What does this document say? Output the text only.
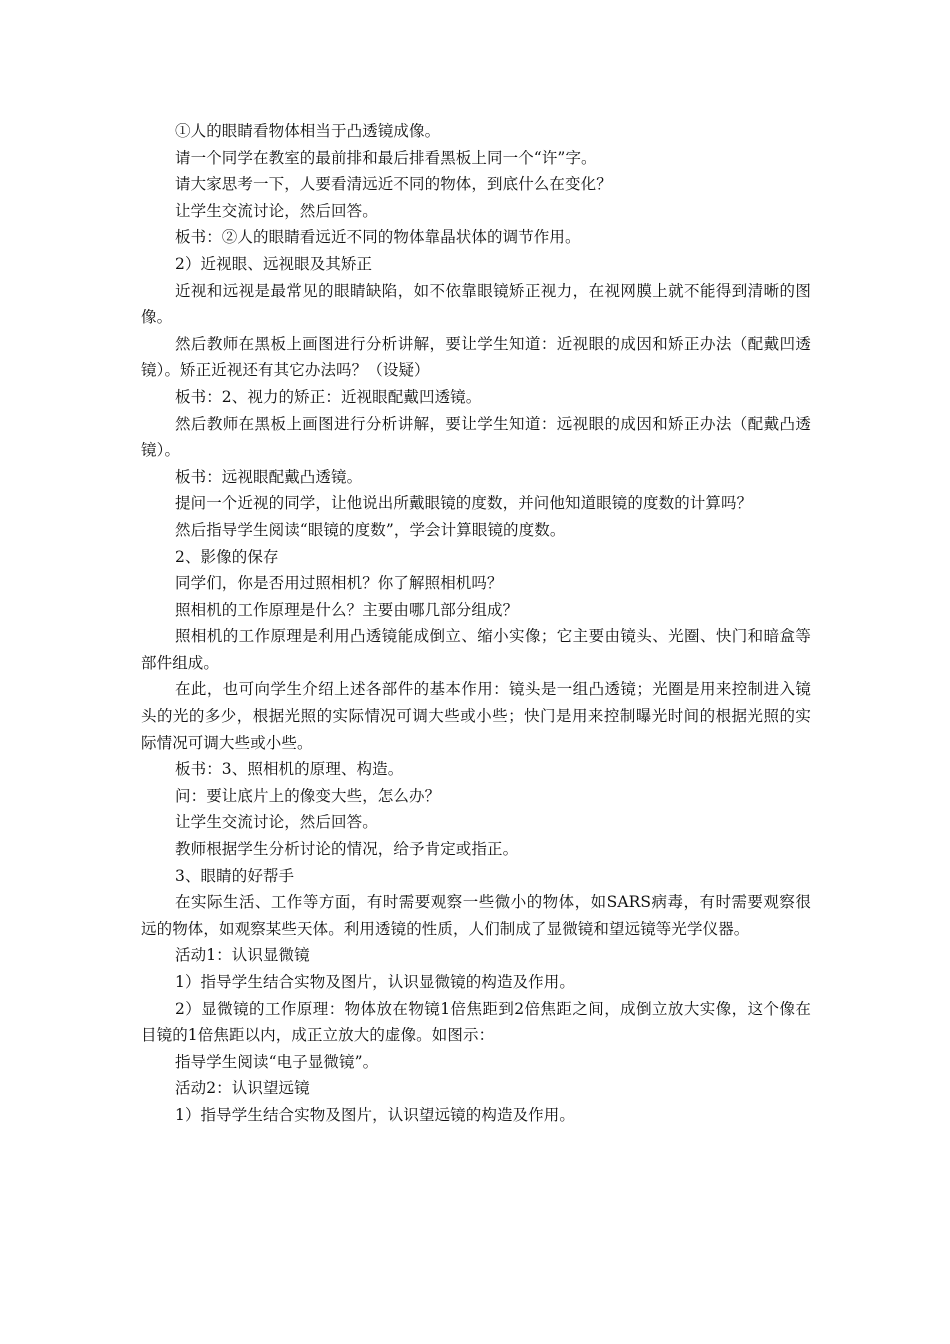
①人的眼睛看物体相当于凸透镜成像。

请一个同学在教室的最前排和最后排看黑板上同一个“许”字。

请大家思考一下，人要看清远近不同的物体，到底什么在变化？

让学生交流讨论，然后回答。

板书：②人的眼睛看远近不同的物体靠晶状体的调节作用。

2）近视眼、远视眼及其矫正

近视和远视是最常见的眼睛缺陷，如不依靠眼镜矫正视力，在视网膜上就不能得到清晰的图像。

然后教师在黑板上画图进行分析讲解，要让学生知道：近视眼的成因和矫正办法（配戴凹透镜）。矫正近视还有其它办法吗？（设疑）

板书：2、视力的矫正：近视眼配戴凹透镜。

然后教师在黑板上画图进行分析讲解，要让学生知道：远视眼的成因和矫正办法（配戴凸透镜）。

板书：远视眼配戴凸透镜。

提问一个近视的同学，让他说出所戴眼镜的度数，并问他知道眼镜的度数的计算吗？

然后指导学生阅读“眼镜的度数”，学会计算眼镜的度数。

2、影像的保存

同学们，你是否用过照相机？你了解照相机吗？

照相机的工作原理是什么？主要由哪几部分组成？

照相机的工作原理是利用凸透镜能成倒立、缩小实像；它主要由镜头、光圈、快门和暗盒等部件组成。

在此，也可向学生介绍上述各部件的基本作用：镜头是一组凸透镜；光圈是用来控制进入镜头的光的多少，根据光照的实际情况可调大些或小些；快门是用来控制曝光时间的根据光照的实际情况可调大些或小些。

板书：3、照相机的原理、构造。

问：要让底片上的像变大些，怎么办？

让学生交流讨论，然后回答。

教师根据学生分析讨论的情况，给予肯定或指正。

3、眼睛的好帮手

在实际生活、工作等方面，有时需要观察一些微小的物体，如SARS病毒，有时需要观察很远的物体，如观察某些天体。利用透镜的性质，人们制成了显微镜和望远镜等光学仪器。

活动1：认识显微镜

1）指导学生结合实物及图片，认识显微镜的构造及作用。

2）显微镜的工作原理：物体放在物镜1倍焦距到2倍焦距之间，成倒立放大实像，这个像在目镜的1倍焦距以内，成正立放大的虚像。如图示：

指导学生阅读“电子显微镜”。

活动2：认识望远镜

1）指导学生结合实物及图片，认识望远镜的构造及作用。
